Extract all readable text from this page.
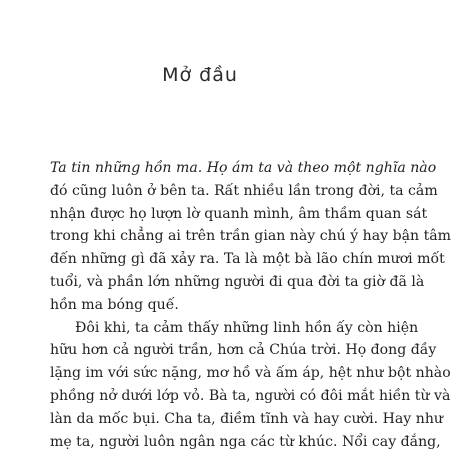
Mở đầu
Ta tin những hồn ma. Họ ám ta và theo một nghĩa nào
đó cũng luôn ở bên ta. Rất nhiều lần trong đời, ta cảm
nhận được họ lượn lờ quanh mình, âm thầm quan sát
trong khi chẳng ai trên trần gian này chú ý hay bận tâm
đến những gì đã xảy ra. Ta là một bà lão chín mươi mốt
tuổi, và phần lớn những người đi qua đời ta giờ đã là
hồn ma bóng quế.
Đôi khi, ta cảm thấy những linh hồn ấy còn hiện
hữu hơn cả người trần, hơn cả Chúa trời. Họ đong đầy
lặng im với sức nặng, mơ hồ và ấm áp, hệt như bột nhào
phồng nở dưới lớp vỏ. Bà ta, người có đôi mắt hiền từ và
làn da mốc bụi. Cha ta, điềm tĩnh và hay cười. Hay như
mẹ ta, người luôn ngân nga các từ khúc. Nổi cay đắng,
